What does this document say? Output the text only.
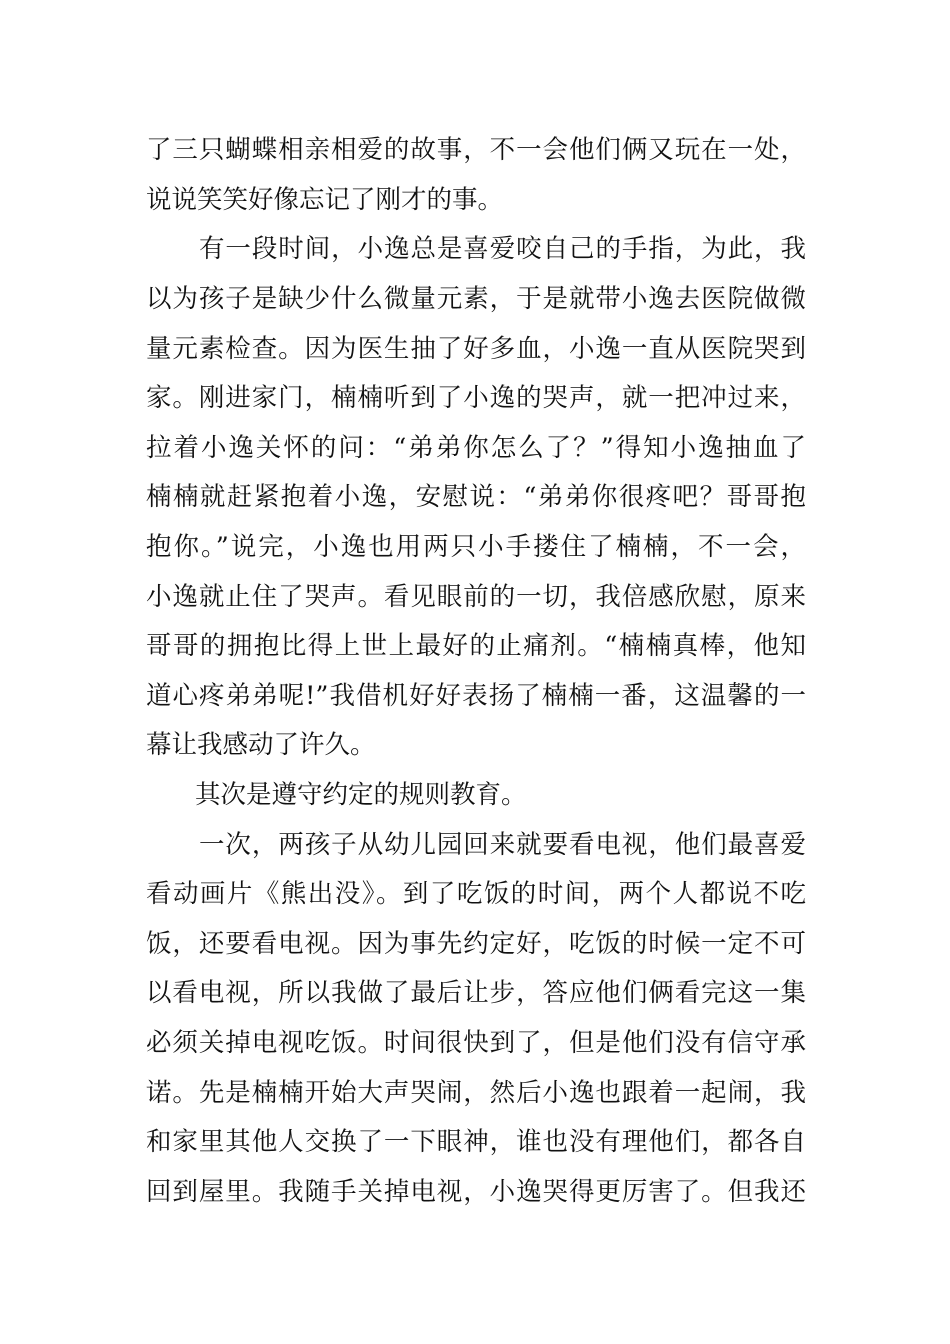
了三只蝴蝶相亲相爱的故事，不一会他们俩又玩在一处，
说说笑笑好像忘记了刚才的事。
有一段时间，小逸总是喜爱咬自己的手指，为此，我
以为孩子是缺少什么微量元素，于是就带小逸去医院做微
量元素检查。因为医生抽了好多血，小逸一直从医院哭到
家。刚进家门，楠楠听到了小逸的哭声，就一把冲过来，
拉着小逸关怀的问：“弟弟你怎么了？”得知小逸抽血了
楠楠就赶紧抱着小逸，安慰说：“弟弟你很疼吧？哥哥抱
抱你。”说完，小逸也用两只小手搂住了楠楠，不一会，
小逸就止住了哭声。看见眼前的一切，我倍感欣慰，原来
哥哥的拥抱比得上世上最好的止痛剂。“楠楠真棒，他知
道心疼弟弟呢!”我借机好好表扬了楠楠一番，这温馨的一
幕让我感动了许久。
其次是遵守约定的规则教育。
一次，两孩子从幼儿园回来就要看电视，他们最喜爱
看动画片《熊出没》。到了吃饭的时间，两个人都说不吃
饭，还要看电视。因为事先约定好，吃饭的时候一定不可
以看电视，所以我做了最后让步，答应他们俩看完这一集
必须关掉电视吃饭。时间很快到了，但是他们没有信守承
诺。先是楠楠开始大声哭闹，然后小逸也跟着一起闹，我
和家里其他人交换了一下眼神，谁也没有理他们，都各自
回到屋里。我随手关掉电视，小逸哭得更厉害了。但我还
